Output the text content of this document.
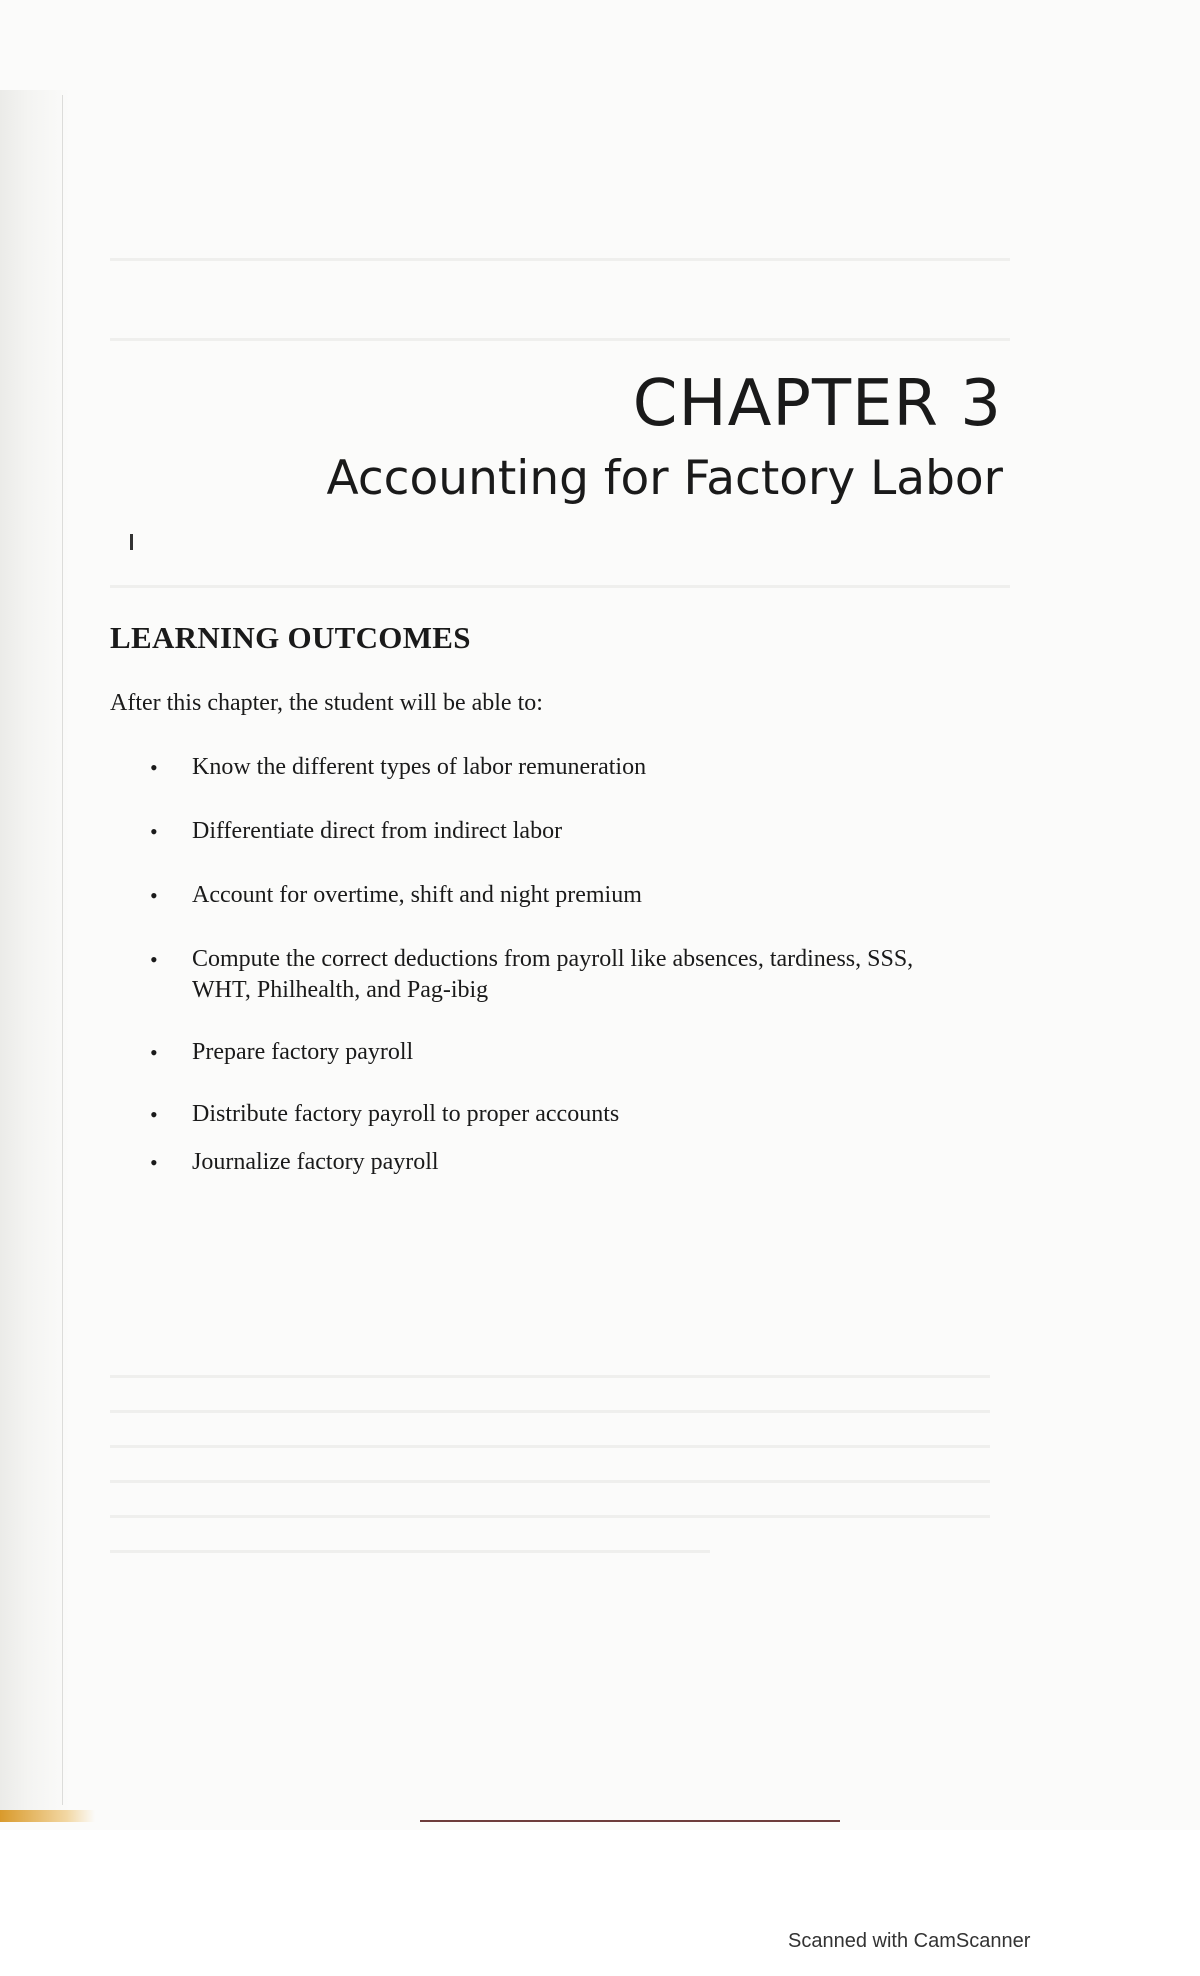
CHAPTER 3
Accounting for Factory Labor
LEARNING OUTCOMES

After this chapter, the student will be able to:

• Know the different types of labor remuneration
• Differentiate direct from indirect labor
• Account for overtime, shift and night premium
• Compute the correct deductions from payroll like absences, tardiness, SSS, WHT, Philhealth, and Pag-ibig
• Prepare factory payroll
• Distribute factory payroll to proper accounts
• Journalize factory payroll

Scanned with CamScanner
